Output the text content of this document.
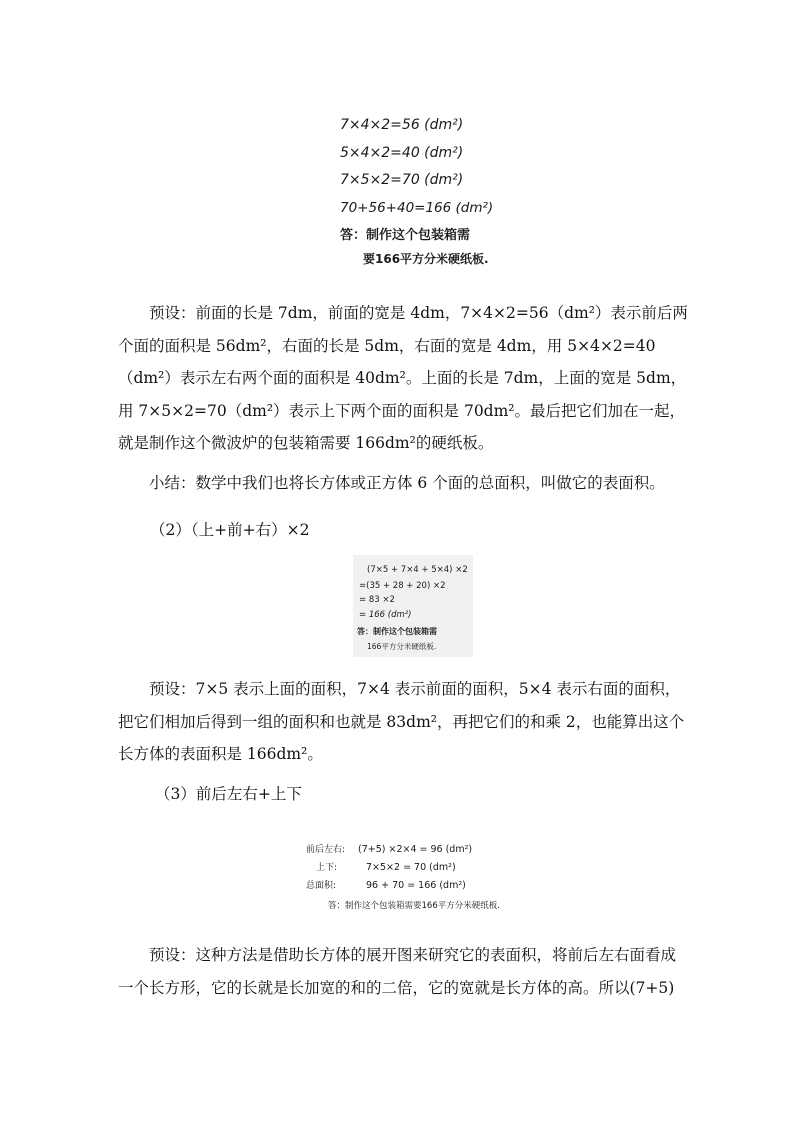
7×4×2=56 (dm²)
5×4×2=40 (dm²)
7×5×2=70 (dm²)
70+56+40=166 (dm²)
答：制作这个包装箱需
要166平方分米硬纸板.

预设：前面的长是 7dm，前面的宽是 4dm，7×4×2=56（dm²）表示前后两个面的面积是 56dm²，右面的长是 5dm，右面的宽是 4dm，用 5×4×2=40（dm²）表示左右两个面的面积是 40dm²。上面的长是 7dm，上面的宽是 5dm，用 7×5×2=70（dm²）表示上下两个面的面积是 70dm²。最后把它们加在一起，就是制作这个微波炉的包装箱需要 166dm²的硬纸板。

小结：数学中我们也将长方体或正方体 6 个面的总面积，叫做它的表面积。

（2）（上+前+右）×2

(7×5 + 7×4 + 5×4) ×2
=(35 + 28 + 20) ×2
= 83 ×2
= 166 (dm²)
答：制作这个包装箱需
166平方分米硬纸板.

预设：7×5 表示上面的面积，7×4 表示前面的面积，5×4 表示右面的面积，把它们相加后得到一组的面积和也就是 83dm²，再把它们的和乘 2，也能算出这个长方体的表面积是 166dm²。

（3）前后左右+上下

前后左右: (7+5) ×2×4 = 96 (dm²)
上下:	7×5×2 = 70 (dm²)
总面积:	96 + 70 = 166 (dm²)
答：制作这个包装箱需要166平方分米硬纸板.

预设：这种方法是借助长方体的展开图来研究它的表面积，将前后左右面看成一个长方形，它的长就是长加宽的和的二倍，它的宽就是长方体的高。所以(7+5)
